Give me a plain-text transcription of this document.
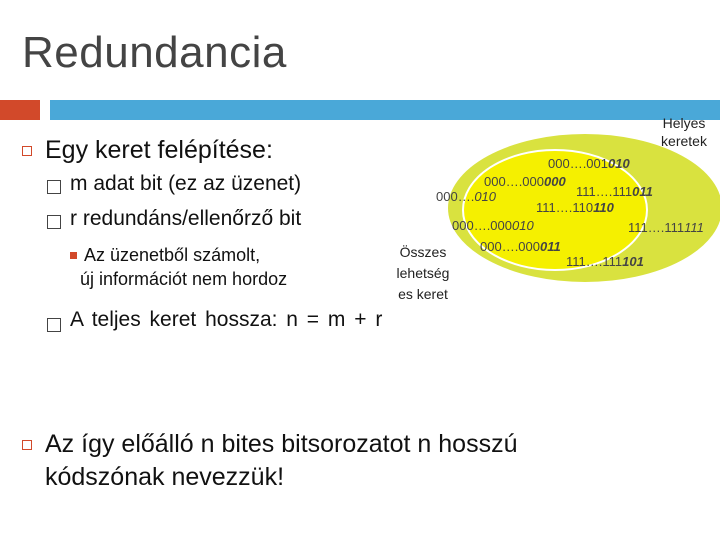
Redundancia
Egy keret felépítése:
m adat bit (ez az üzenet)
r redundáns/ellenőrző bit
Az üzenetből számolt,
új információt nem hordoz
A teljes keret hossza: n = m + r
Az így előálló n bites bitsorozatot n hosszú
kódszónak nevezzük!
000….001010
000….000000
111….111011
111….110110
000….000011
111….111101
000….010
000….000010	111….111111
Összes
lehetség
es keret
Helyes
keretek
